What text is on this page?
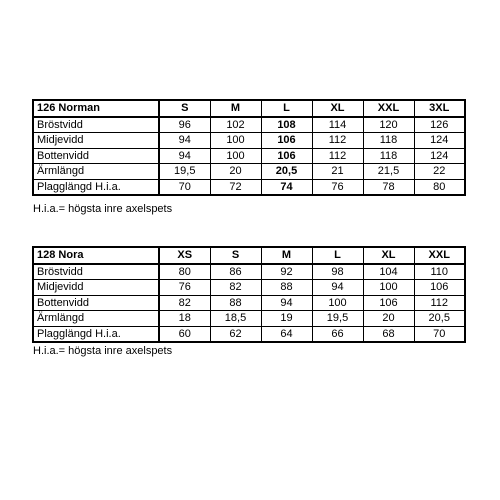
126 Norman	S	M	L	XL	XXL	3XL
Bröstvidd	96	102	108	114	120	126
Midjevidd	94	100	106	112	118	124
Bottenvidd	94	100	106	112	118	124
Ärmlängd	19,5	20	20,5	21	21,5	22
Plagglängd H.i.a.	70	72	74	76	78	80
H.i.a.= högsta inre axelspets
128 Nora	XS	S	M	L	XL	XXL
Bröstvidd	80	86	92	98	104	110
Midjevidd	76	82	88	94	100	106
Bottenvidd	82	88	94	100	106	112
Ärmlängd	18	18,5	19	19,5	20	20,5
Plagglängd H.i.a.	60	62	64	66	68	70
H.i.a.= högsta inre axelspets
